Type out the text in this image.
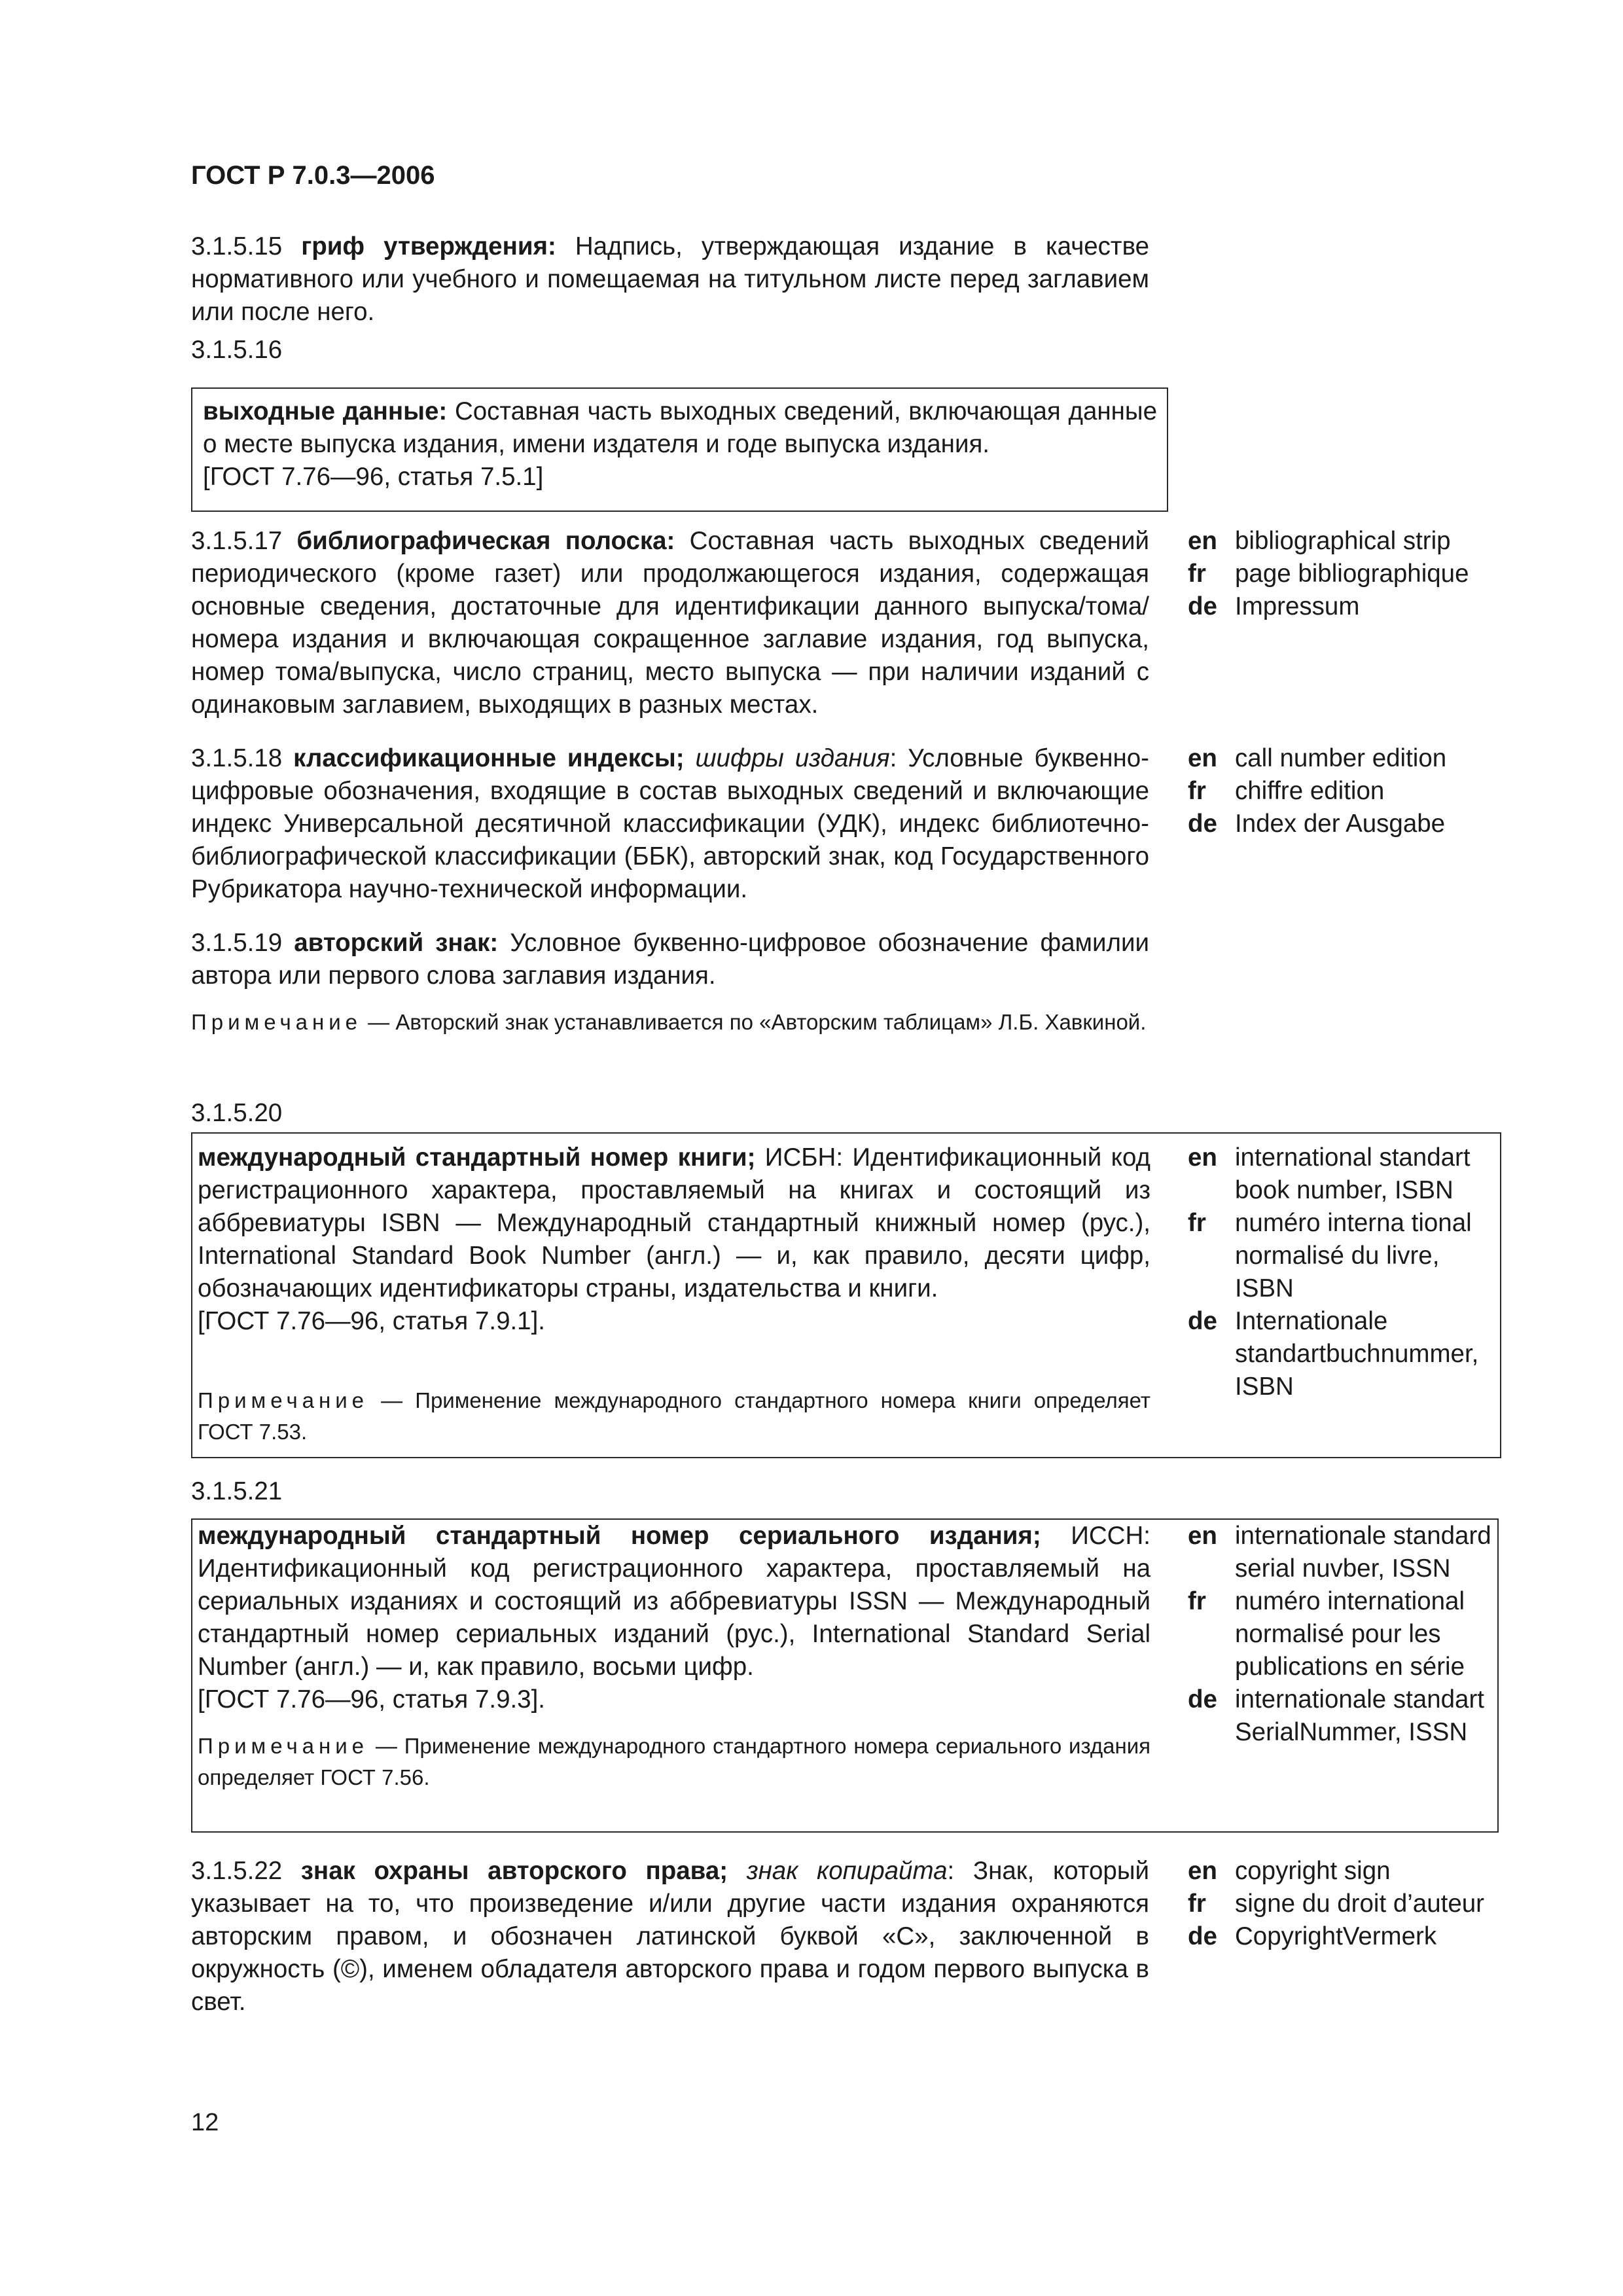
ГОСТ Р 7.0.3—2006

3.1.5.15 гриф утверждения: Надпись, утверждающая издание в качестве нормативного или учебного и помещаемая на титульном листе перед заглавием или после него.

3.1.5.16

выходные данные: Составная часть выходных сведений, включающая данные о месте выпуска издания, имени издателя и годе выпуска издания.
[ГОСТ 7.76—96, статья 7.5.1]

3.1.5.17 библиографическая полоска: Составная часть выходных сведений периодического (кроме газет) или продолжающегося издания, содержащая основные сведения, достаточные для идентификации данного выпуска/тома/номера издания и включающая сокращенное заглавие издания, год выпуска, номер тома/выпуска, число страниц, место выпуска — при наличии изданий с одинаковым заглавием, выходящих в разных местах.

en bibliographical strip
fr page bibliographique
de Impressum

3.1.5.18 классификационные индексы; шифры издания: Условные буквенно-цифровые обозначения, входящие в состав выходных сведений и включающие индекс Универсальной десятичной классификации (УДК), индекс библиотечно-библиографической классификации (ББК), авторский знак, код Государственного Рубрикатора научно-технической информации.

en call number edition
fr chiffre edition
de Index der Ausgabe

3.1.5.19 авторский знак: Условное буквенно-цифровое обозначение фамилии автора или первого слова заглавия издания.

Примечание — Авторский знак устанавливается по «Авторским таблицам» Л.Б. Хавкиной.

3.1.5.20

международный стандартный номер книги; ИСБН: Идентификационный код регистрационного характера, проставляемый на книгах и состоящий из аббревиатуры ISBN — Международный стандартный книжный номер (рус.), International Standard Book Number (англ.) — и, как правило, десяти цифр, обозначающих идентификаторы страны, издательства и книги.
[ГОСТ 7.76—96, статья 7.9.1].

Примечание — Применение международного стандартного номера книги определяет ГОСТ 7.53.

en international standart book number, ISBN
fr numéro interna tional normalisé du livre, ISBN
de Internationale standartbuchnummer, ISBN
3.1.5.21

международный стандартный номер сериального издания; ИССН: Идентификационный код регистрационного характера, проставляемый на сериальных изданиях и состоящий из аббревиатуры ISSN — Международный стандартный номер сериальных изданий (рус.), International Standard Serial Number (англ.) — и, как правило, восьми цифр.
[ГОСТ 7.76—96, статья 7.9.3].

Примечание — Применение международного стандартного номера сериального издания определяет ГОСТ 7.56.

en internationale standard serial nuvber, ISSN
fr numéro international normalisé pour les publications en série
de internationale standart SerialNummer, ISSN

3.1.5.22 знак охраны авторского права; знак копирайта: Знак, который указывает на то, что произведение и/или другие части издания охраняются авторским правом, и обозначен латинской буквой «С», заключенной в окружность (©), именем обладателя авторского права и годом первого выпуска в свет.

en copyright sign
fr signe du droit d’auteur
de CopyrightVermerk
12
